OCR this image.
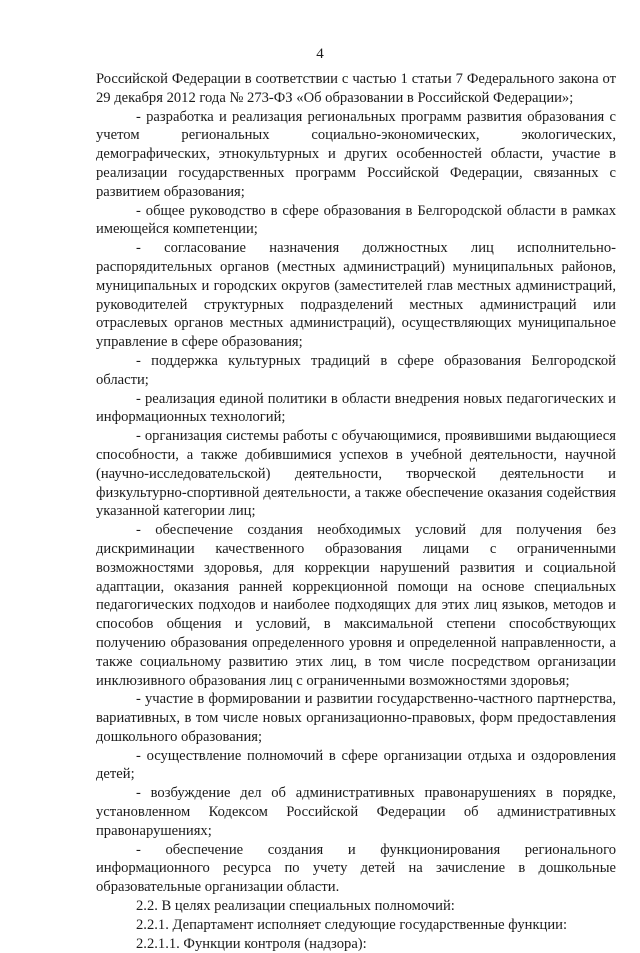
4

Российской Федерации в соответствии с частью 1 статьи 7 Федерального закона от 29 декабря 2012 года № 273-ФЗ «Об образовании в Российской Федерации»;

- разработка и реализация региональных программ развития образования с учетом региональных социально-экономических, экологических, демографических, этнокультурных и других особенностей области, участие в реализации государственных программ Российской Федерации, связанных с развитием образования;

- общее руководство в сфере образования в Белгородской области в рамках имеющейся компетенции;

- согласование назначения должностных лиц исполнительно-распорядительных органов (местных администраций) муниципальных районов, муниципальных и городских округов (заместителей глав местных администраций, руководителей структурных подразделений местных администраций или отраслевых органов местных администраций), осуществляющих муниципальное управление в сфере образования;

- поддержка культурных традиций в сфере образования Белгородской области;

- реализация единой политики в области внедрения новых педагогических и информационных технологий;

- организация системы работы с обучающимися, проявившими выдающиеся способности, а также добившимися успехов в учебной деятельности, научной (научно-исследовательской) деятельности, творческой деятельности и физкультурно-спортивной деятельности, а также обеспечение оказания содействия указанной категории лиц;

- обеспечение создания необходимых условий для получения без дискриминации качественного образования лицами с ограниченными возможностями здоровья, для коррекции нарушений развития и социальной адаптации, оказания ранней коррекционной помощи на основе специальных педагогических подходов и наиболее подходящих для этих лиц языков, методов и способов общения и условий, в максимальной степени способствующих получению образования определенного уровня и определенной направленности, а также социальному развитию этих лиц, в том числе посредством организации инклюзивного образования лиц с ограниченными возможностями здоровья;

- участие в формировании и развитии государственно-частного партнерства, вариативных, в том числе новых организационно-правовых, форм предоставления дошкольного образования;

- осуществление полномочий в сфере организации отдыха и оздоровления детей;

- возбуждение дел об административных правонарушениях в порядке, установленном Кодексом Российской Федерации об административных правонарушениях;

- обеспечение создания и функционирования регионального информационного ресурса по учету детей на зачисление в дошкольные образовательные организации области.

2.2. В целях реализации специальных полномочий:

2.2.1. Департамент исполняет следующие государственные функции:

2.2.1.1. Функции контроля (надзора):
